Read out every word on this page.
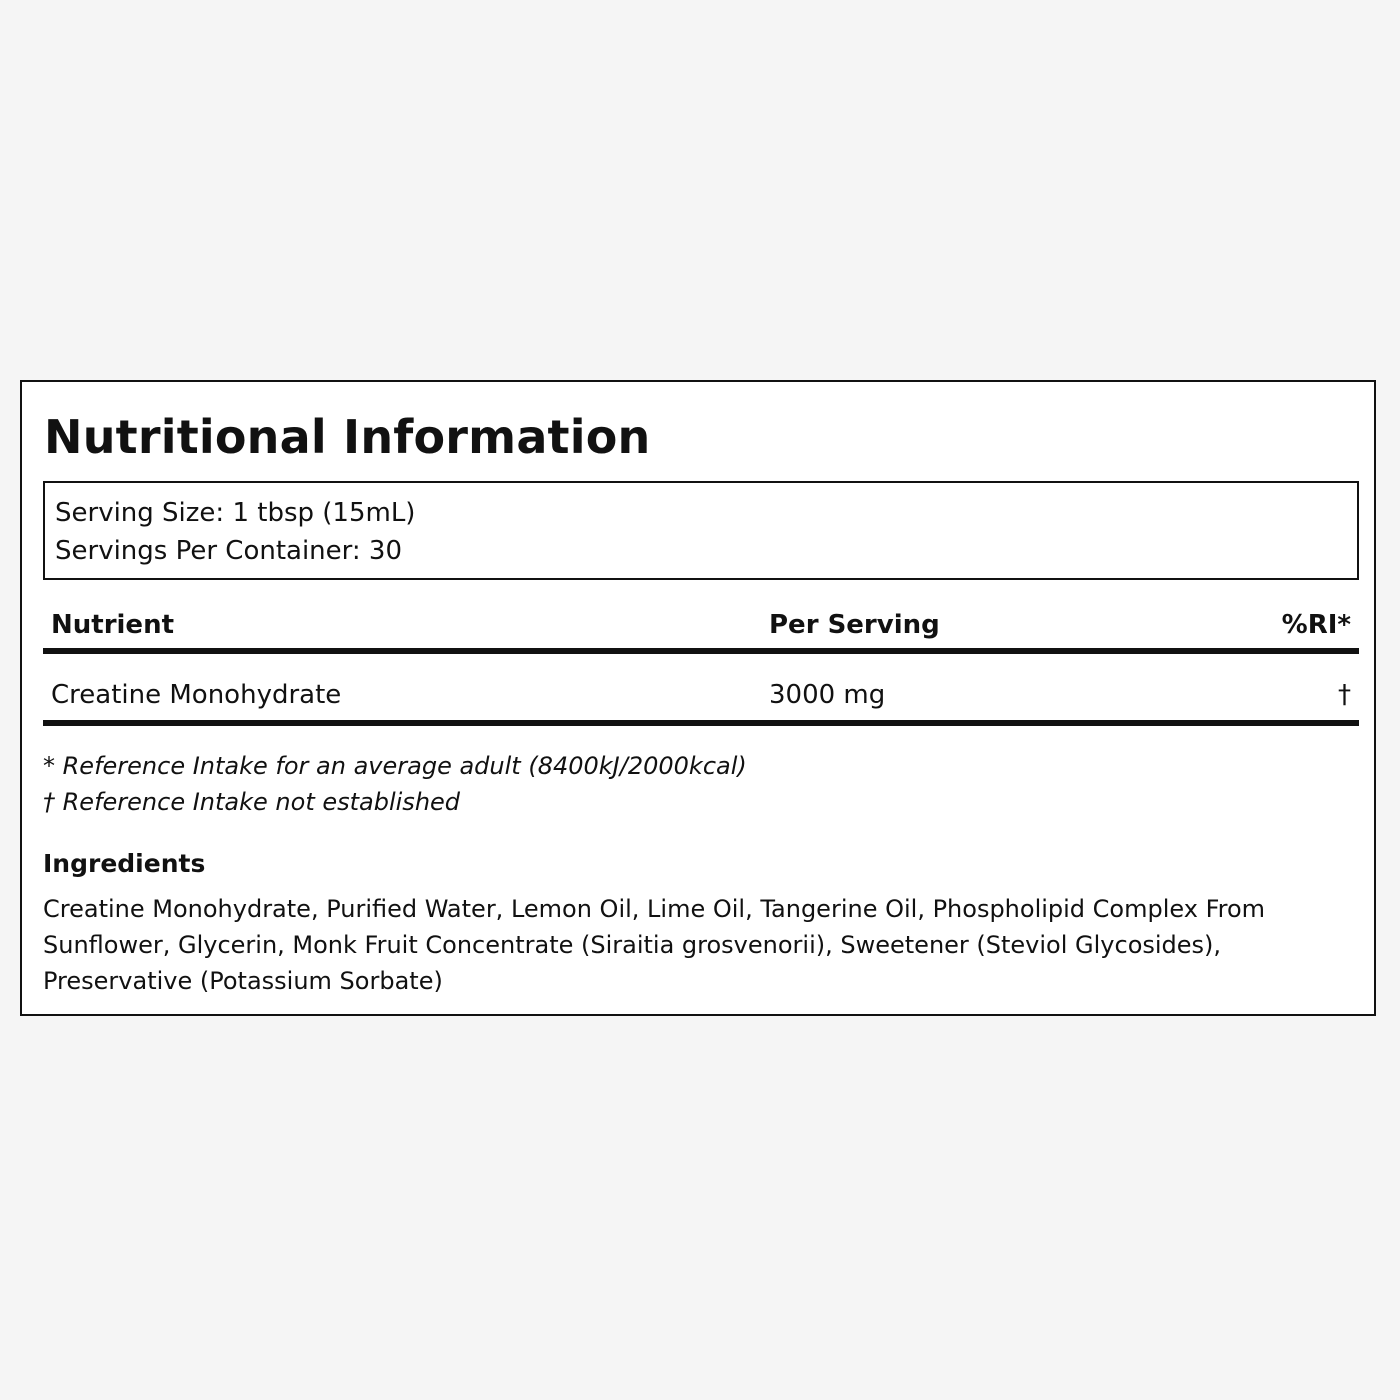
Nutritional Information
Serving Size: 1 tbsp (15mL)
Servings Per Container: 30
Nutrient	Per Serving	%RI*
Creatine Monohydrate	3000 mg	†
* Reference Intake for an average adult (8400kJ/2000kcal)
† Reference Intake not established
Ingredients
Creatine Monohydrate, Purified Water, Lemon Oil, Lime Oil, Tangerine Oil, Phospholipid Complex From Sunflower, Glycerin, Monk Fruit Concentrate (Siraitia grosvenorii), Sweetener (Steviol Glycosides), Preservative (Potassium Sorbate)
